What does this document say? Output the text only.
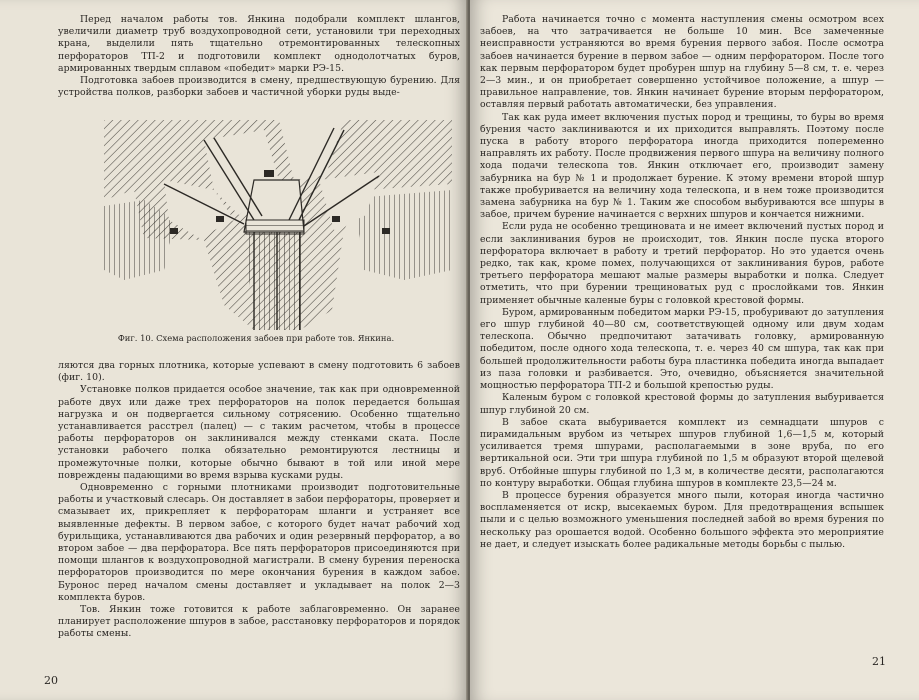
Перед началом работы тов. Янкина подобрали комплект шлангов, увеличили диаметр труб воздухопроводной сети, установили три переходных крана, выделили пять тщательно отремонтированных телескопных перфораторов ТП-2 и подготовили комплект однодолотчатых буров, армированных твердым сплавом «победит» марки РЭ-15.

Подготовка забоев производится в смену, предшествующую бурению. Для устройства полков, разборки забоев и частичной уборки руды выде-

Фиг. 10. Схема расположения забоев при работе тов. Янкина.

ляются два горных плотника, которые успевают в смену подготовить 6 забоев (фиг. 10).

Установке полков придается особое значение, так как при одновременной работе двух или даже трех перфораторов на полок передается большая нагрузка и он подвергается сильному сотрясению. Особенно тщательно устанавливается расстрел (палец) — с таким расчетом, чтобы в процессе работы перфораторов он заклинивался между стенками ската. После установки рабочего полка обязательно ремонтируются лестницы и промежуточные полки, которые обычно бывают в той или иной мере повреждены падающими во время взрыва кусками руды.

Одновременно с горными плотниками производит подготовительные работы и участковый слесарь. Он доставляет в забои перфораторы, проверяет и смазывает их, прикрепляет к перфораторам шланги и устраняет все выявленные дефекты. В первом забое, с которого будет начат рабочий ход бурильщика, устанавливаются два рабочих и один резервный перфоратор, а во втором забое — два перфоратора. Все пять перфораторов присоединяются при помощи шлангов к воздухопроводной магистрали. В смену бурения переноска перфораторов производится по мере окончания бурения в каждом забое. Буронос перед началом смены доставляет и укладывает на полок 2—3 комплекта буров.

Тов. Янкин тоже готовится к работе заблаговременно. Он заранее планирует расположение шпуров в забое, расстановку перфораторов и порядок работы смены.

20

Работа начинается точно с момента наступления смены осмотром всех забоев, на что затрачивается не больше 10 мин. Все замеченные неисправности устраняются во время бурения первого забоя. После осмотра забоев начинается бурение в первом забое — одним перфоратором. После того как первым перфоратором будет пробурен шпур на глубину 5—8 см, т. е. через 2—3 мин., и он приобретает совершенно устойчивое положение, а шпур — правильное направление, тов. Янкин начинает бурение вторым перфоратором, оставляя первый работать автоматически, без управления.

Так как руда имеет включения пустых пород и трещины, то буры во время бурения часто заклиниваются и их приходится выправлять. Поэтому после пуска в работу второго перфоратора иногда приходится попеременно направлять их работу. После продвижения первого шпура на величину полного хода подачи телескопа тов. Янкин отключает его, производит замену забурника на бур № 1 и продолжает бурение. К этому времени второй шпур также пробуривается на величину хода телескопа, и в нем тоже производится замена забурника на бур № 1. Таким же способом выбуриваются все шпуры в забое, причем бурение начинается с верхних шпуров и кончается нижними.

Если руда не особенно трещиновата и не имеет включений пустых пород и если заклинивания буров не происходит, тов. Янкин после пуска второго перфоратора включает в работу и третий перфоратор. Но это удается очень редко, так как, кроме помех, получающихся от заклинивания буров, работе третьего перфоратора мешают малые размеры выработки и полка. Следует отметить, что при бурении трещиноватых руд с прослойками тов. Янкин применяет обычные каленые буры с головкой крестовой формы.

Буром, армированным победитом марки РЭ-15, пробуривают до затупления его шпур глубиной 40—80 см, соответствующей одному или двум ходам телескопа. Обычно предпочитают затачивать головку, армированную победитом, после одного хода телескопа, т. е. через 40 см шпура, так как при большей продолжительности работы бура пластинка победита иногда выпадает из паза головки и разбивается. Это, очевидно, объясняется значительной мощностью перфоратора ТП-2 и большой крепостью руды.

Каленым буром с головкой крестовой формы до затупления выбуривается шпур глубиной 20 см.

В забое ската выбуривается комплект из семнадцати шпуров с пирамидальным врубом из четырех шпуров глубиной 1,6—1,5 м, который усиливается тремя шпурами, располагаемыми в зоне вруба, по его вертикальной оси. Эти три шпура глубиной по 1,5 м образуют второй щелевой вруб. Отбойные шпуры глубиной по 1,3 м, в количестве десяти, располагаются по контуру выработки. Общая глубина шпуров в комплекте 23,5—24 м.

В процессе бурения образуется много пыли, которая иногда частично воспламеняется от искр, высекаемых буром. Для предотвращения вспышек пыли и с целью возможного уменьшения последней забой во время бурения по нескольку раз орошается водой. Особенно большого эффекта это мероприятие не дает, и следует изыскать более радикальные методы борьбы с пылью.

21
